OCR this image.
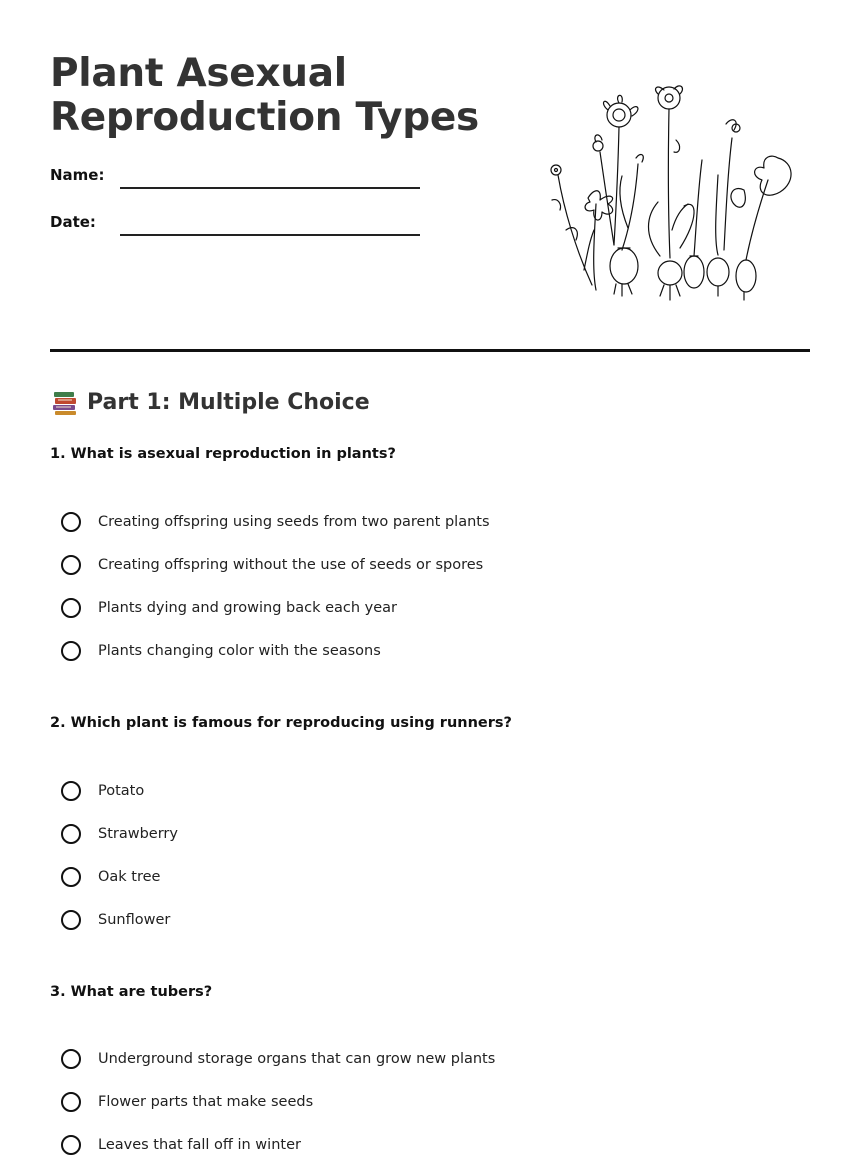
Plant Asexual
Reproduction Types
Name:
Date:
Part 1: Multiple Choice

1. What is asexual reproduction in plants?

Creating offspring using seeds from two parent plants
Creating offspring without the use of seeds or spores
Plants dying and growing back each year
Plants changing color with the seasons

2. Which plant is famous for reproducing using runners?

Potato
Strawberry
Oak tree
Sunflower

3. What are tubers?

Underground storage organs that can grow new plants
Flower parts that make seeds
Leaves that fall off in winter
